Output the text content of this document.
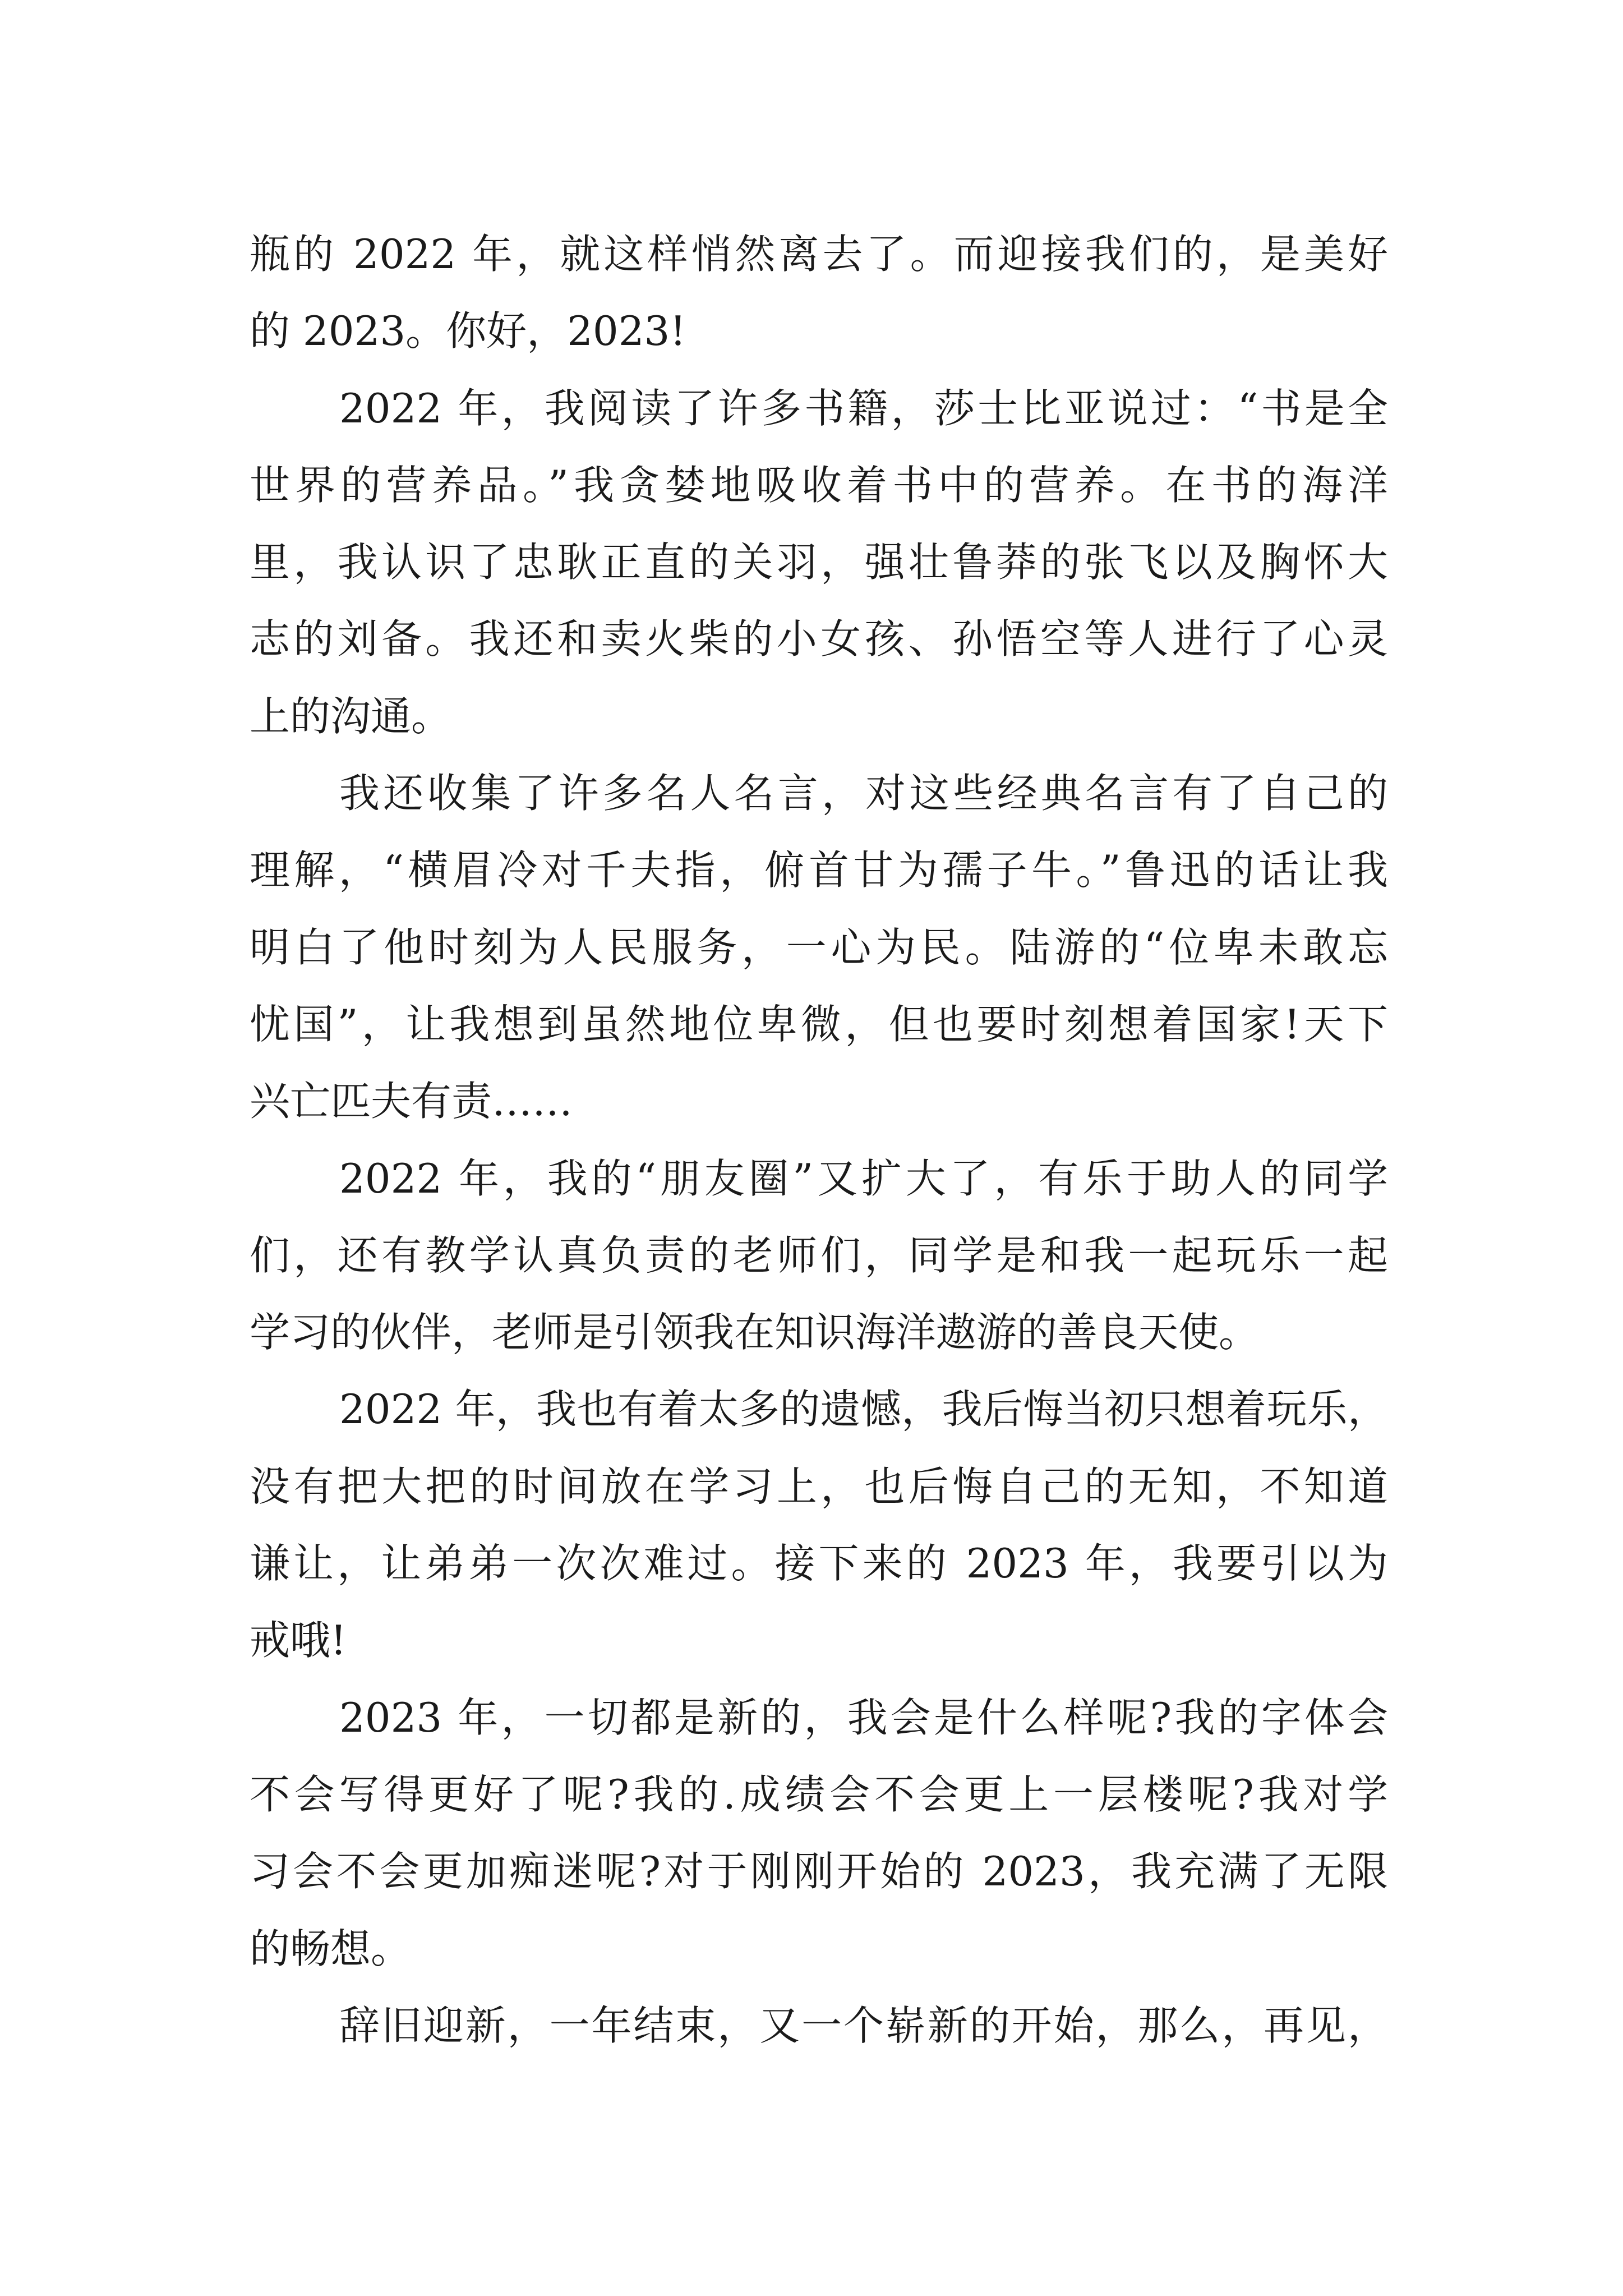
瓶的 2022 年，就这样悄然离去了。而迎接我们的，是美好
的 2023。你好，2023!
2022 年，我阅读了许多书籍，莎士比亚说过：“书是全
世界的营养品。”我贪婪地吸收着书中的营养。在书的海洋
里，我认识了忠耿正直的关羽，强壮鲁莽的张飞以及胸怀大
志的刘备。我还和卖火柴的小女孩、孙悟空等人进行了心灵
上的沟通。
我还收集了许多名人名言，对这些经典名言有了自己的
理解，“横眉冷对千夫指，俯首甘为孺子牛。”鲁迅的话让我
明白了他时刻为人民服务，一心为民。陆游的“位卑未敢忘
忧国”，让我想到虽然地位卑微，但也要时刻想着国家!天下
兴亡匹夫有责……
2022 年，我的“朋友圈”又扩大了，有乐于助人的同学
们，还有教学认真负责的老师们，同学是和我一起玩乐一起
学习的伙伴，老师是引领我在知识海洋遨游的善良天使。
2022 年，我也有着太多的遗憾，我后悔当初只想着玩乐，
没有把大把的时间放在学习上，也后悔自己的无知，不知道
谦让，让弟弟一次次难过。接下来的 2023 年，我要引以为
戒哦!
2023 年，一切都是新的，我会是什么样呢?我的字体会
不会写得更好了呢?我的.成绩会不会更上一层楼呢?我对学
习会不会更加痴迷呢?对于刚刚开始的 2023，我充满了无限
的畅想。
辞旧迎新，一年结束，又一个崭新的开始，那么，再见，
